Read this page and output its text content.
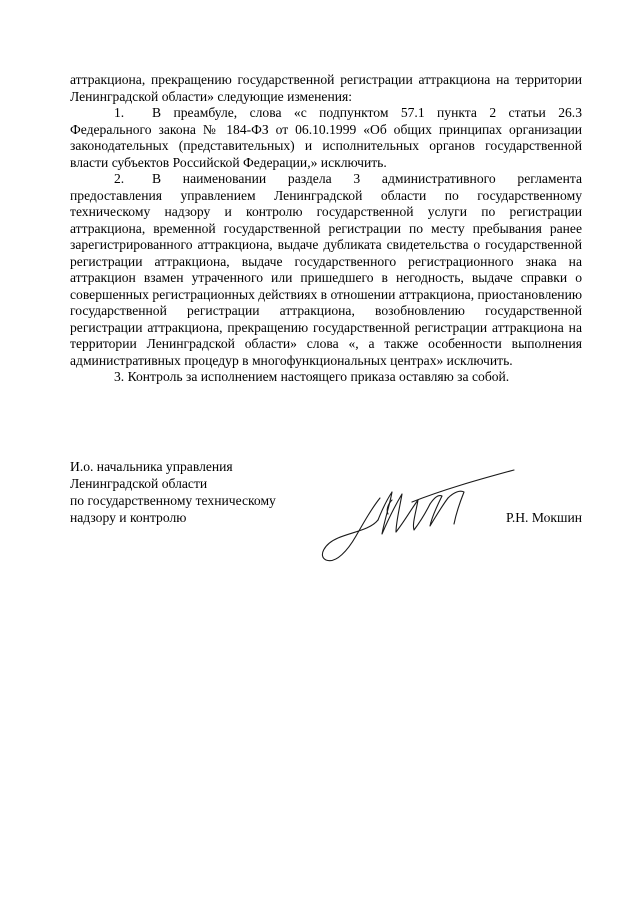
аттракциона, прекращению государственной регистрации аттракциона на территории Ленинградской области» следующие изменения:

1. В преамбуле, слова «с подпунктом 57.1 пункта 2 статьи 26.3 Федерального закона № 184-ФЗ от 06.10.1999 «Об общих принципах организации законодательных (представительных) и исполнительных органов государственной власти субъектов Российской Федерации,» исключить.

2. В наименовании раздела 3 административного регламента предоставления управлением Ленинградской области по государственному техническому надзору и контролю государственной услуги по регистрации аттракциона, временной государственной регистрации по месту пребывания ранее зарегистрированного аттракциона, выдаче дубликата свидетельства о государственной регистрации аттракциона, выдаче государственного регистрационного знака на аттракцион взамен утраченного или пришедшего в негодность, выдаче справки о совершенных регистрационных действиях в отношении аттракциона, приостановлению государственной регистрации аттракциона, возобновлению государственной регистрации аттракциона, прекращению государственной регистрации аттракциона на территории Ленинградской области» слова «, а также особенности выполнения административных процедур в многофункциональных центрах» исключить.

3. Контроль за исполнением настоящего приказа оставляю за собой.

И.о. начальника управления
Ленинградской области
по государственному техническому
надзору и контролю	Р.Н. Мокшин
